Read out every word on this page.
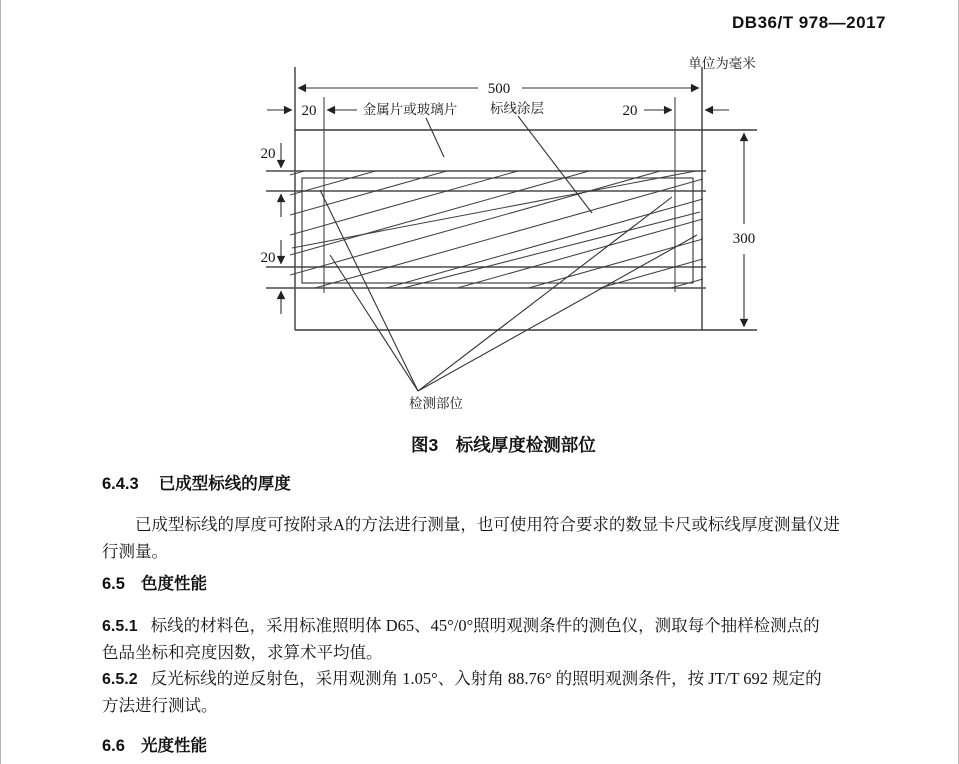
DB36/T 978—2017
500
20	20
20
20
300
单位为毫米
金属片或玻璃片 标线涂层
检测部位
图3　标线厚度检测部位
6.4.3 已成型标线的厚度
已成型标线的厚度可按附录A的方法进行测量，也可使用符合要求的数显卡尺或标线厚度测量仪进
行测量。
6.5 色度性能
6.5.1 标线的材料色，采用标准照明体 D65、45°/0°照明观测条件的测色仪，测取每个抽样检测点的
色品坐标和亮度因数，求算术平均值。
6.5.2 反光标线的逆反射色，采用观测角 1.05°、入射角 88.76° 的照明观测条件，按 JT/T 692 规定的
方法进行测试。
6.6 光度性能
